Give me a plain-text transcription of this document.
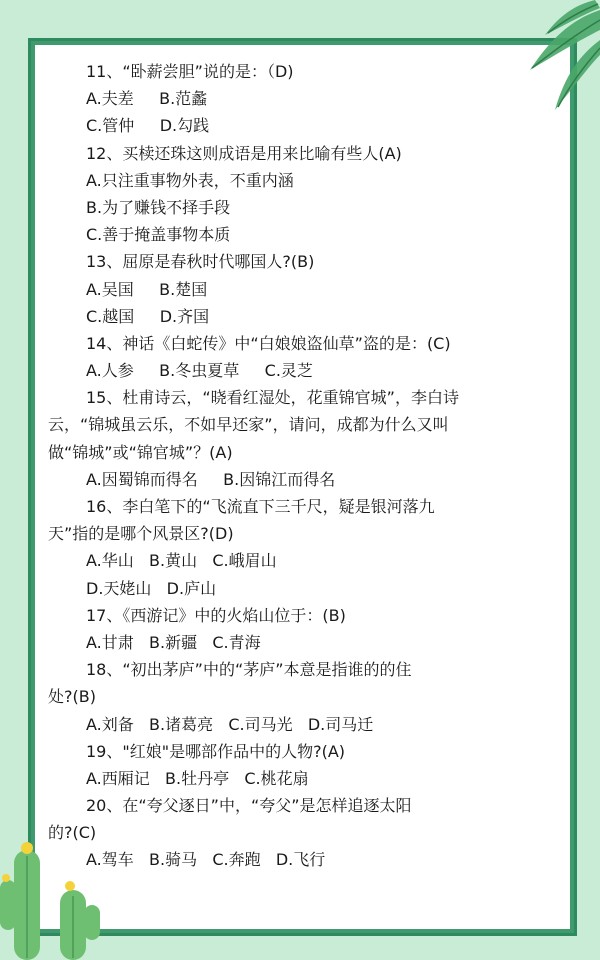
11、“卧薪尝胆”说的是：（D)
A.夫差     B.范蠡
C.管仲     D.勾践
12、买椟还珠这则成语是用来比喻有些人(A)
A.只注重事物外表，不重内涵
B.为了赚钱不择手段
C.善于掩盖事物本质
13、屈原是春秋时代哪国人?(B)
A.吴国     B.楚国
C.越国     D.齐国
14、神话《白蛇传》中“白娘娘盗仙草”盗的是：(C)
A.人参     B.冬虫夏草     C.灵芝
15、杜甫诗云，“晓看红湿处，花重锦官城”，李白诗
云，“锦城虽云乐，不如早还家”，请问，成都为什么又叫
做“锦城”或“锦官城”？(A)
A.因蜀锦而得名     B.因锦江而得名
16、李白笔下的“飞流直下三千尺，疑是银河落九
天”指的是哪个风景区?(D)
A.华山   B.黄山   C.峨眉山
D.天姥山   D.庐山
17、《西游记》中的火焰山位于：(B)
A.甘肃   B.新疆   C.青海
18、“初出茅庐”中的“茅庐”本意是指谁的的住
处?(B)
A.刘备   B.诸葛亮   C.司马光   D.司马迁
19、"红娘"是哪部作品中的人物?(A)
A.西厢记   B.牡丹亭   C.桃花扇
20、在“夸父逐日”中，“夸父”是怎样追逐太阳
的?(C)
A.驾车   B.骑马   C.奔跑   D.飞行
